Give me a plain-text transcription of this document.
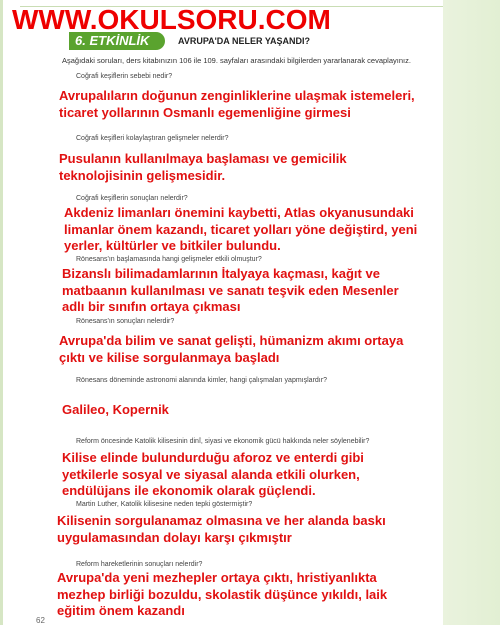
6. ETKİNLİK	AVRUPA'DA NELER YAŞANDI?
Aşağıdaki soruları, ders kitabınızın 106 ile 109. sayfaları arasındaki bilgilerden yararlanarak cevaplayınız.
Coğrafi keşiflerin sebebi nedir?
Avrupalıların doğunun zenginliklerine ulaşmak istemeleri,
ticaret yollarının Osmanlı egemenliğine girmesi
Coğrafi keşifleri kolaylaştıran gelişmeler nelerdir?
Pusulanın kullanılmaya başlaması ve gemicilik
teknolojisinin gelişmesidir.
Coğrafi keşiflerin sonuçları nelerdir?
Akdeniz limanları önemini kaybetti, Atlas okyanusundaki
limanlar önem kazandı, ticaret yolları yöne değiştird, yeni
yerler, kültürler ve bitkiler bulundu.
Rönesans'ın başlamasında hangi gelişmeler etkili olmuştur?
Bizanslı bilimadamlarının İtalyaya kaçması, kağıt ve
matbaanın kullanılması ve sanatı teşvik eden Mesenler
adlı bir sınıfın ortaya çıkması
Rönesans'ın sonuçları nelerdir?
Avrupa'da bilim ve sanat gelişti, hümanizm akımı ortaya
çıktı ve kilise sorgulanmaya başladı
Rönesans döneminde astronomi alanında kimler, hangi çalışmaları yapmışlardır?
Galileo, Kopernik
Reform öncesinde Katolik kilisesinin dinî, siyasi ve ekonomik gücü hakkında neler söylenebilir?
Kilise elinde bulundurduğu aforoz ve enterdi gibi
yetkilerle sosyal ve siyasal alanda etkili olurken,
endülüjans ile ekonomik olarak güçlendi.
Martin Luther, Katolik kilisesine neden tepki göstermiştir?
Kilisenin sorgulanamaz olmasına ve her alanda baskı
uygulamasından dolayı karşı çıkmıştır
Reform hareketlerinin sonuçları nelerdir?
Avrupa'da yeni mezhepler ortaya çıktı, hristiyanlıkta
mezhep birliği bozuldu, skolastik düşünce yıkıldı, laik
eğitim önem kazandı
WWW.OKULSORU.COM
62
